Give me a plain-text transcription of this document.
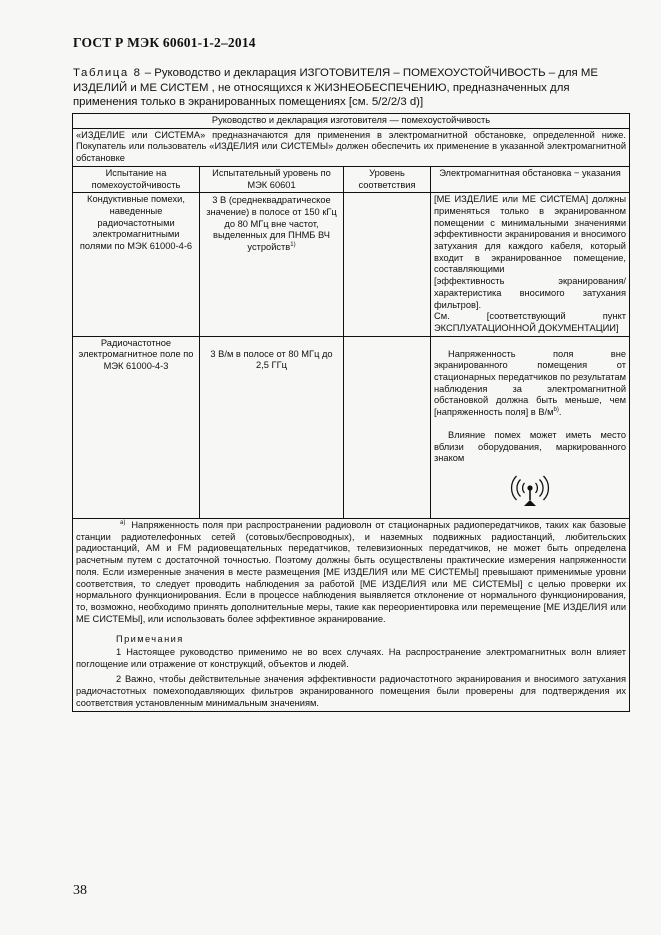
ГОСТ Р МЭК 60601-1-2–2014
Таблица 8 – Руководство и декларация ИЗГОТОВИТЕЛЯ – ПОМЕХОУСТОЙЧИВОСТЬ – для МЕ ИЗДЕЛИЙ и МЕ СИСТЕМ , не относящихся к ЖИЗНЕОБЕСПЕЧЕНИЮ, предназначенных для применения только в экранированных помещениях [см. 5/2/2/3 d)]
Руководство и декларация изготовителя — помехоустойчивость			
«ИЗДЕЛИЕ или СИСТЕМА» предназначаются для применения в электромагнитной обстановке, определенной ниже. Покупатель или пользователь «ИЗДЕЛИЯ или СИСТЕМЫ» должен обеспечить их применение в указанной электромагнитной обстановке			
Испытание на помехоустойчивость	Испытательный уровень по МЭК 60601	Уровень соответствия	Электромагнитная обстановка − указания
Кондуктивные помехи, наведенные радиочастотными электромагнитными полями по МЭК 61000-4-6	3 В (среднеквадратическое значение) в полосе от 150 кГц до 80 МГц вне частот, выделенных для ПНМБ ВЧ устройств$^{1)}$		[МЕ ИЗДЕЛИЕ или МЕ СИСТЕМА] должны применяться только в экранированном помещении с минимальными значениями эффективности экранирования и вносимого затухания для каждого кабеля, который входит в экранированное помещение, составляющими
[эффективность экранирования/ характеристика вносимого затухания фильтров].
См. [соответствующий пункт ЭКСПЛУАТАЦИОННОЙ ДОКУМЕНТАЦИИ]

Радиочастотное электромагнитное поле по МЭК 61000-4-3	3 В/м в полосе от 80 МГц до 2,5 ГГц		Напряженность поля вне экранированного помещения от стационарных передатчиков по результатам наблюдения за электромагнитной обстановкой должна быть меньше, чем [напряженность поля] в $В/м^{b)}$.
Влияние помех может иметь место вблизи оборудования, маркированного знаком

$^{a)}$ Напряженность поля при распространении радиоволн от стационарных радиопередатчиков, таких как базовые станции радиотелефонных сетей (сотовых/беспроводных), и наземных подвижных радиостанций, любительских радиостанций, AM и FM радиовещательных передатчиков, телевизионных передатчиков, не может быть определена расчетным путем с достаточной точностью. Поэтому должны быть осуществлены практические измерения напряженности поля. Если измеренные значения в месте размещения [МЕ ИЗДЕЛИЯ или МЕ СИСТЕМЫ] превышают применимые уровни соответствия, то следует проводить наблюдения за работой [МЕ ИЗДЕЛИЯ или МЕ СИСТЕМЫ] с целью проверки их нормального функционирования. Если в процессе наблюдения выявляется отклонение от нормального функционирования, то, возможно, необходимо принять дополнительные меры, такие как переориентировка или перемещение [МЕ ИЗДЕЛИЯ или МЕ СИСТЕМЫ], или использовать более эффективное экранирование.

Примечания

1 Настоящее руководство применимо не во всех случаях. На распространение электромагнитных волн влияет поглощение или отражение от конструкций, объектов и людей.

2 Важно, чтобы действительные значения эффективности радиочастотного экранирования и вносимого затухания радиочастотных помехоподавляющих фильтров экранированного помещения были проверены для подтверждения их соответствия установленным минимальным значениям.			

38
